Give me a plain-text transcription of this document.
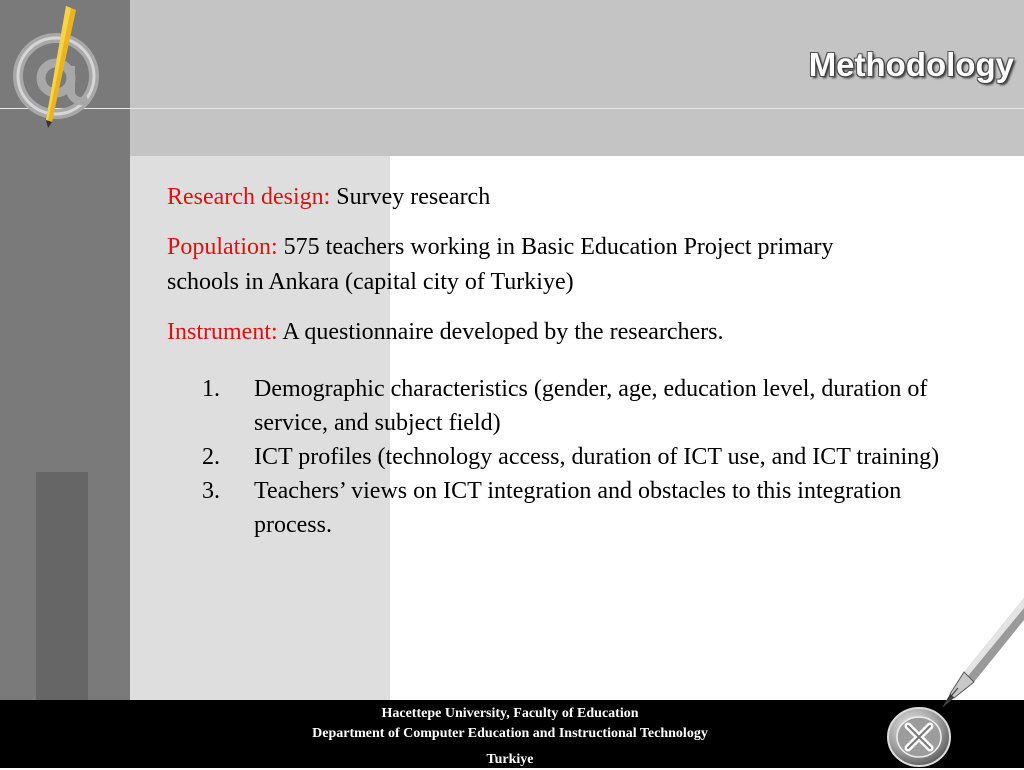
Methodology

Research design: Survey research

Population: 575 teachers working in Basic Education Project primary schools in Ankara (capital city of Turkiye)

Instrument: A questionnaire developed by the researchers.

1. Demographic characteristics (gender, age, education level, duration of service, and subject field)
2. ICT profiles (technology access, duration of ICT use, and ICT training)
3. Teachers’ views on ICT integration and obstacles to this integration process.
Hacettepe University, Faculty of Education
Department of Computer Education and Instructional Technology
Turkiye
